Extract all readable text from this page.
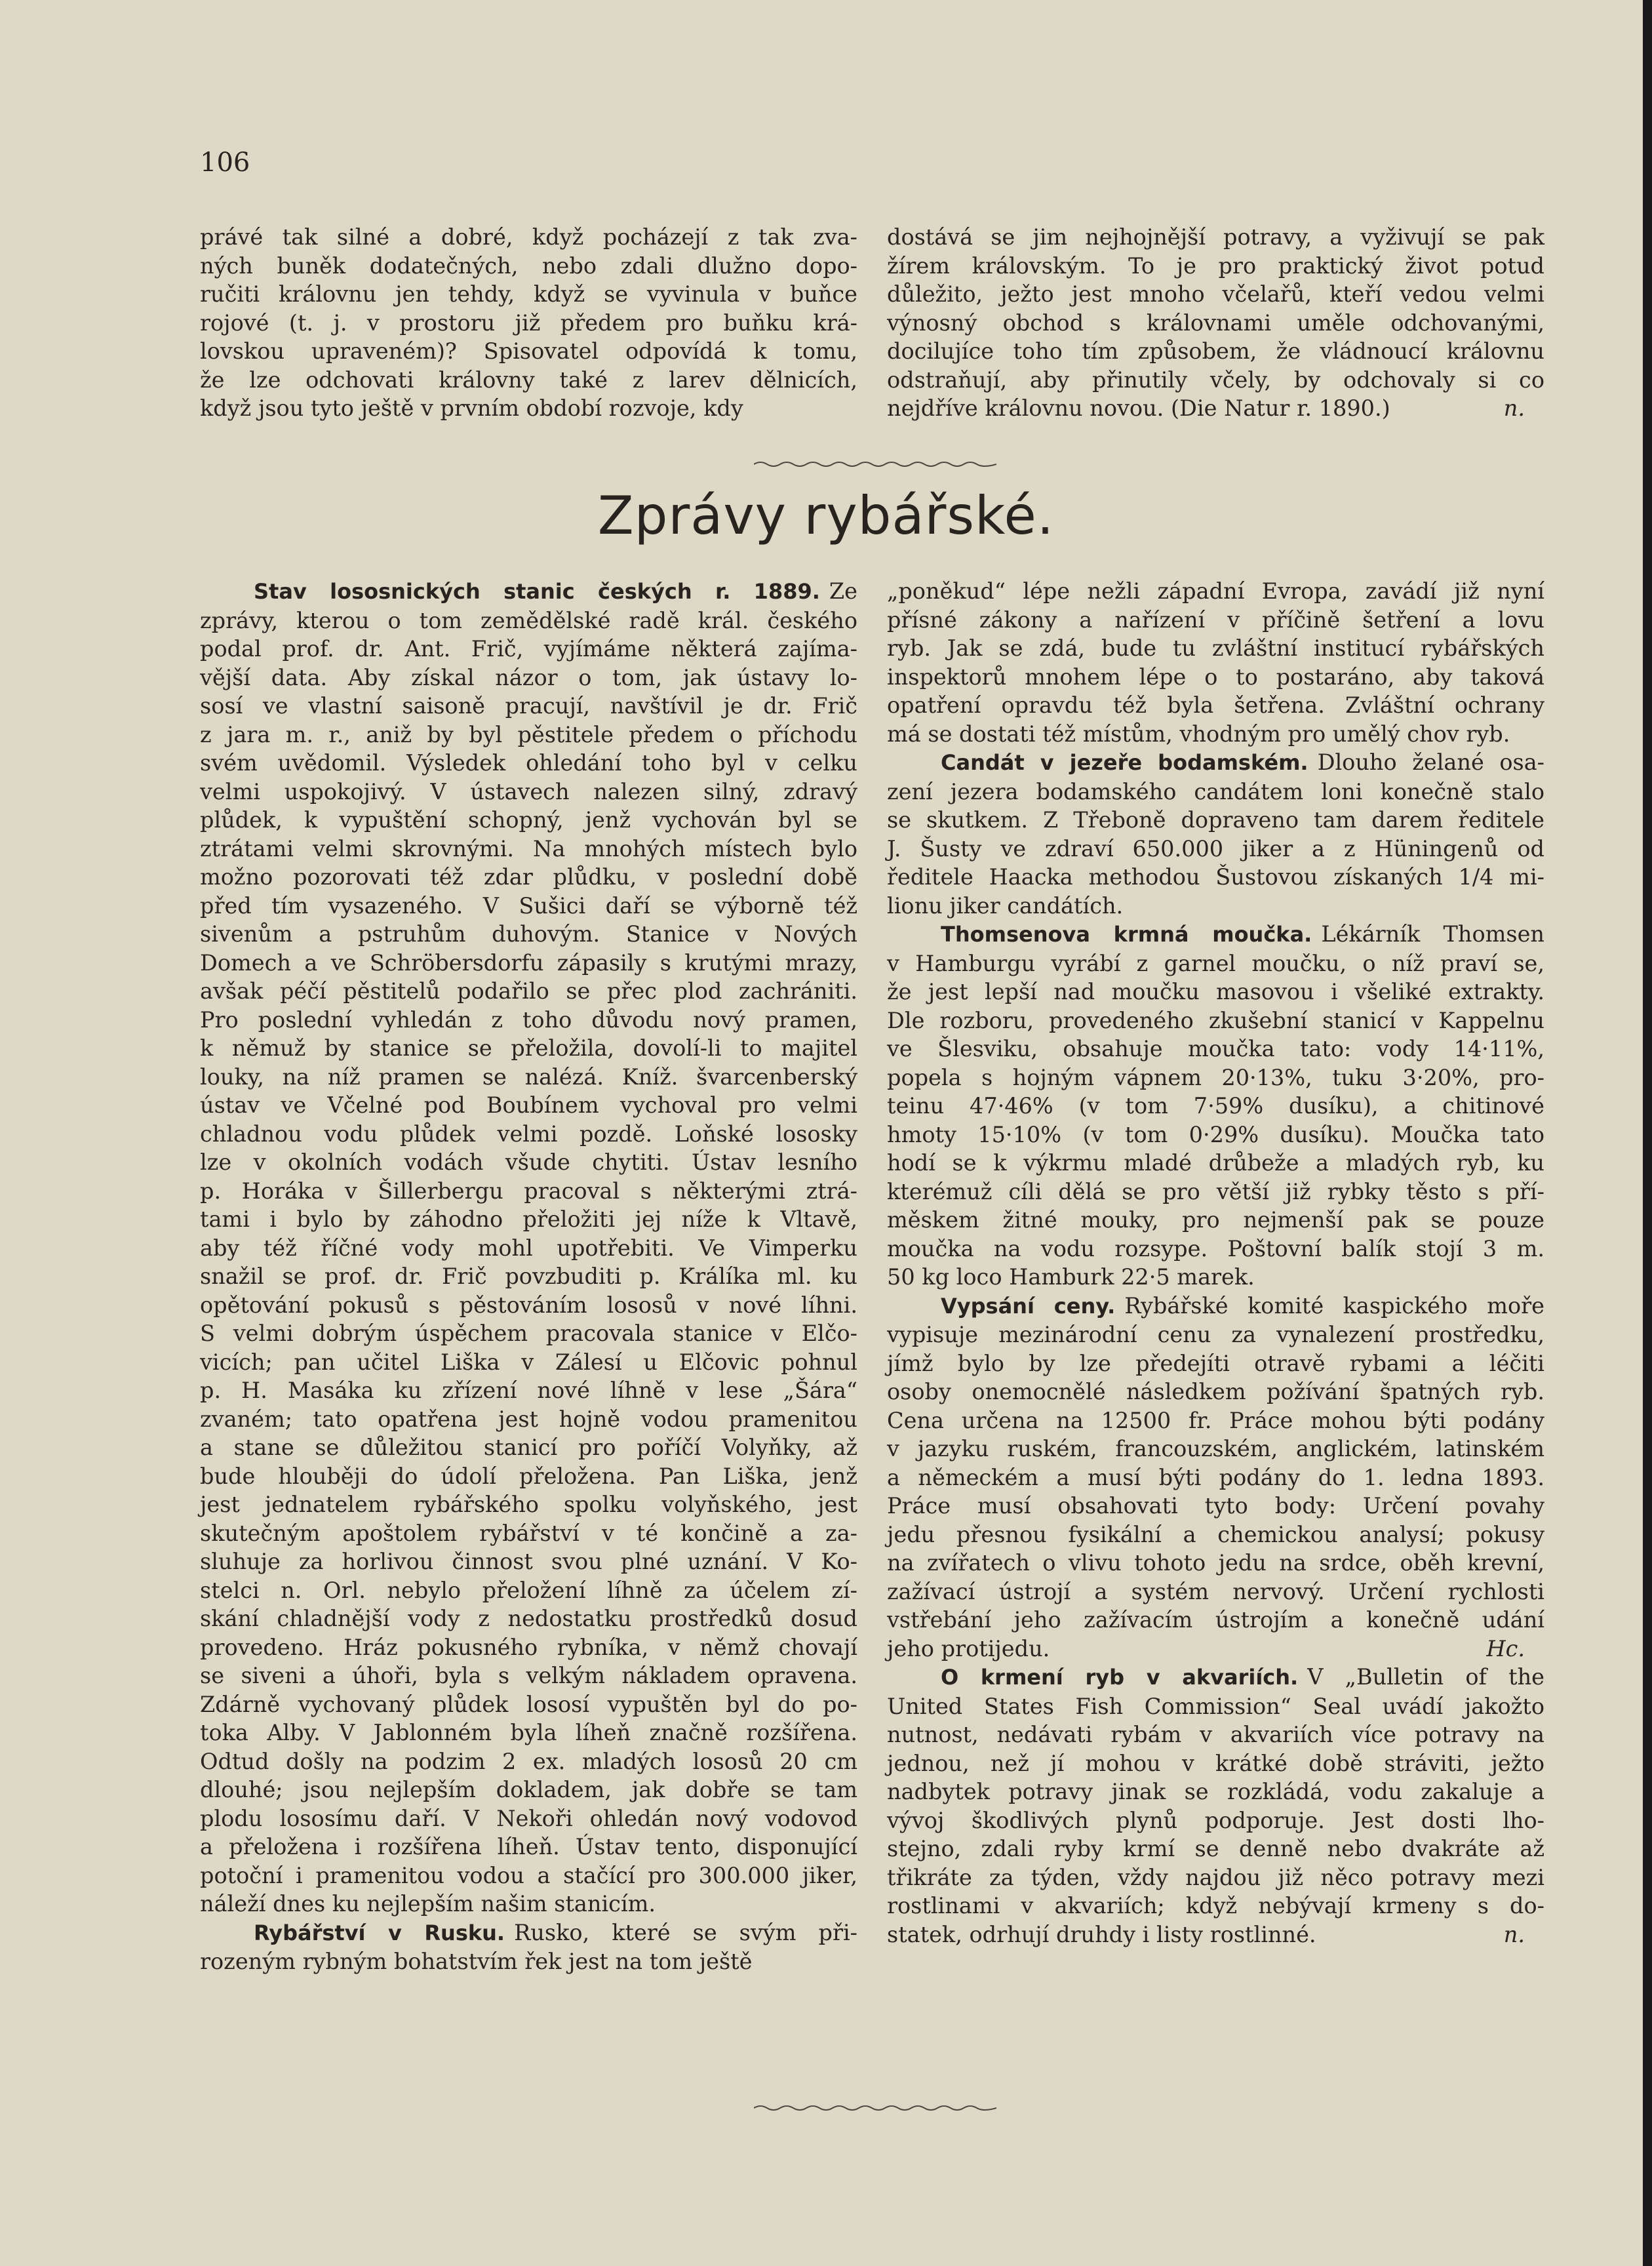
106
právé tak silné a dobré, když pocházejí z tak zva-
ných buněk dodatečných, nebo zdali dlužno dopo-
ručiti královnu jen tehdy, když se vyvinula v buňce
rojové (t. j. v prostoru již předem pro buňku krá-
lovskou upraveném)? Spisovatel odpovídá k tomu,
že lze odchovati královny také z larev dělnicích,
když jsou tyto ještě v prvním období rozvoje, kdy
dostává se jim nejhojnější potravy, a vyživují se pak
žírem královským. To je pro praktický život potud
důležito, ježto jest mnoho včelařů, kteří vedou velmi
výnosný obchod s královnami uměle odchovanými,
docilujíce toho tím způsobem, že vládnoucí královnu
odstraňují, aby přinutily včely, by odchovaly si co
nejdříve královnu novou. (Die Natur r. 1890.)	n.
Zprávy rybářské.
Stav lososnických stanic českých r. 1889. Ze
zprávy, kterou o tom zemědělské radě král. českého
podal prof. dr. Ant. Frič, vyjímáme některá zajíma-
vější data. Aby získal názor o tom, jak ústavy lo-
sosí ve vlastní saisoně pracují, navštívil je dr. Frič
z jara m. r., aniž by byl pěstitele předem o příchodu
svém uvědomil. Výsledek ohledání toho byl v celku
velmi uspokojivý. V ústavech nalezen silný, zdravý
plůdek, k vypuštění schopný, jenž vychován byl se
ztrátami velmi skrovnými. Na mnohých místech bylo
možno pozorovati též zdar plůdku, v poslední době
před tím vysazeného. V Sušici daří se výborně též
sivenům a pstruhům duhovým. Stanice v Nových
Domech a ve Schröbersdorfu zápasily s krutými mrazy,
avšak péčí pěstitelů podařilo se přec plod zachrániti.
Pro poslední vyhledán z toho důvodu nový pramen,
k němuž by stanice se přeložila, dovolí-li to majitel
louky, na níž pramen se nalézá. Kníž. švarcenberský
ústav ve Včelné pod Boubínem vychoval pro velmi
chladnou vodu plůdek velmi pozdě. Loňské lososky
lze v okolních vodách všude chytiti. Ústav lesního
p. Horáka v Šillerbergu pracoval s některými ztrá-
tami i bylo by záhodno přeložiti jej níže k Vltavě,
aby též říčné vody mohl upotřebiti. Ve Vimperku
snažil se prof. dr. Frič povzbuditi p. Králíka ml. ku
opětování pokusů s pěstováním lososů v nové líhni.
S velmi dobrým úspěchem pracovala stanice v Elčo-
vicích; pan učitel Liška v Zálesí u Elčovic pohnul
p. H. Masáka ku zřízení nové líhně v lese „Šára“
zvaném; tato opatřena jest hojně vodou pramenitou
a stane se důležitou stanicí pro poříčí Volyňky, až
bude hlouběji do údolí přeložena. Pan Liška, jenž
jest jednatelem rybářského spolku volyňského, jest
skutečným apoštolem rybářství v té končině a za-
sluhuje za horlivou činnost svou plné uznání. V Ko-
stelci n. Orl. nebylo přeložení líhně za účelem zí-
skání chladnější vody z nedostatku prostředků dosud
provedeno. Hráz pokusného rybníka, v němž chovají
se siveni a úhoři, byla s velkým nákladem opravena.
Zdárně vychovaný plůdek lososí vypuštěn byl do po-
toka Alby. V Jablonném byla líheň značně rozšířena.
Odtud došly na podzim 2 ex. mladých lososů 20 cm
dlouhé; jsou nejlepším dokladem, jak dobře se tam
plodu lososímu daří. V Nekoři ohledán nový vodovod
a přeložena i rozšířena líheň. Ústav tento, disponující
potoční i pramenitou vodou a stačící pro 300.000 jiker,
náleží dnes ku nejlepším našim stanicím.
Rybářství v Rusku. Rusko, které se svým při-
rozeným rybným bohatstvím řek jest na tom ještě
„poněkud“ lépe nežli západní Evropa, zavádí již nyní
přísné zákony a nařízení v příčině šetření a lovu
ryb. Jak se zdá, bude tu zvláštní institucí rybářských
inspektorů mnohem lépe o to postaráno, aby taková
opatření opravdu též byla šetřena. Zvláštní ochrany
má se dostati též místům, vhodným pro umělý chov ryb.
Candát v jezeře bodamském. Dlouho želané osa-
zení jezera bodamského candátem loni konečně stalo
se skutkem. Z Třeboně dopraveno tam darem ředitele
J. Šusty ve zdraví 650.000 jiker a z Hüningenů od
ředitele Haacka methodou Šustovou získaných 1/4 mi-
lionu jiker candátích.
Thomsenova krmná moučka. Lékárník Thomsen
v Hamburgu vyrábí z garnel moučku, o níž praví se,
že jest lepší nad moučku masovou i všeliké extrakty.
Dle rozboru, provedeného zkušební stanicí v Kappelnu
ve Šlesviku, obsahuje moučka tato: vody 14·11%,
popela s hojným vápnem 20·13%, tuku 3·20%, pro-
teinu 47·46% (v tom 7·59% dusíku), a chitinové
hmoty 15·10% (v tom 0·29% dusíku). Moučka tato
hodí se k výkrmu mladé drůbeže a mladých ryb, ku
kterémuž cíli dělá se pro větší již rybky těsto s pří-
měskem žitné mouky, pro nejmenší pak se pouze
moučka na vodu rozsype. Poštovní balík stojí 3 m.
50 kg loco Hamburk 22·5 marek.
Vypsání ceny. Rybářské komité kaspického moře
vypisuje mezinárodní cenu za vynalezení prostředku,
jímž bylo by lze předejíti otravě rybami a léčiti
osoby onemocnělé následkem požívání špatných ryb.
Cena určena na 12500 fr. Práce mohou býti podány
v jazyku ruském, francouzském, anglickém, latinském
a německém a musí býti podány do 1. ledna 1893.
Práce musí obsahovati tyto body: Určení povahy
jedu přesnou fysikální a chemickou analysí; pokusy
na zvířatech o vlivu tohoto jedu na srdce, oběh krevní,
zažívací ústrojí a systém nervový. Určení rychlosti
vstřebání jeho zažívacím ústrojím a konečně udání
jeho protijedu.	Hc.
O krmení ryb v akvariích. V „Bulletin of the
United States Fish Commission“ Seal uvádí jakožto
nutnost, nedávati rybám v akvariích více potravy na
jednou, než jí mohou v krátké době stráviti, ježto
nadbytek potravy jinak se rozkládá, vodu zakaluje a
vývoj škodlivých plynů podporuje. Jest dosti lho-
stejno, zdali ryby krmí se denně nebo dvakráte až
třikráte za týden, vždy najdou již něco potravy mezi
rostlinami v akvariích; když nebývají krmeny s do-
statek, odrhují druhdy i listy rostlinné.	n.
